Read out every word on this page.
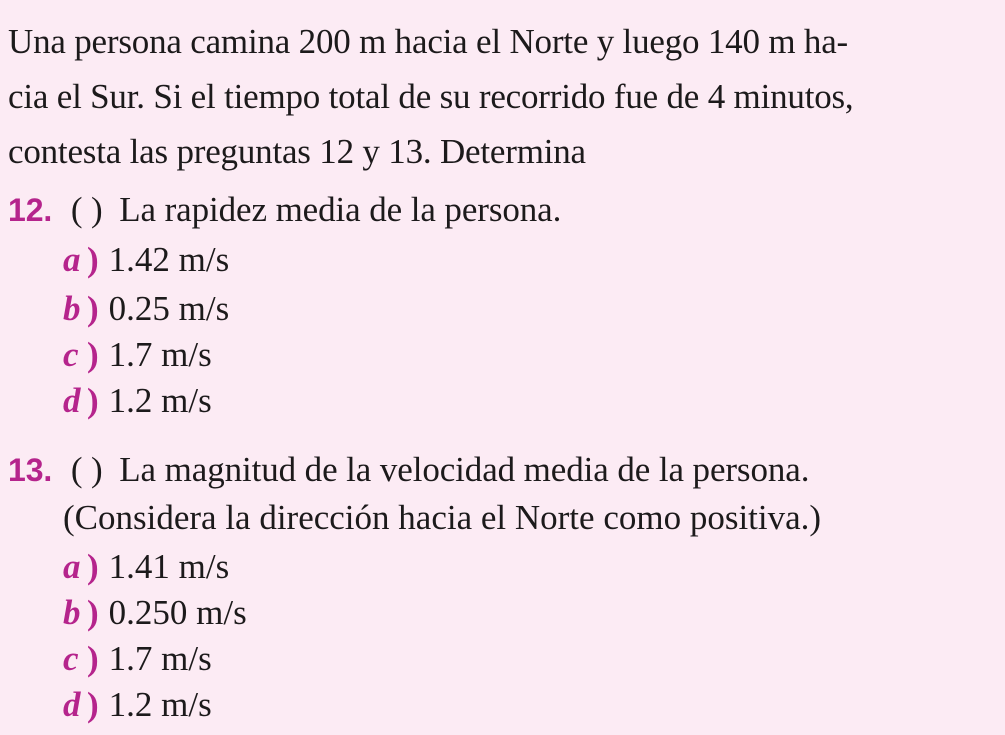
Una persona camina 200 m hacia el Norte y luego 140 m ha-
cia el Sur. Si el tiempo total de su recorrido fue de 4 minutos,
contesta las preguntas 12 y 13. Determina
12. ( ) La rapidez media de la persona.
a ) 1.42 m/s
b ) 0.25 m/s
c ) 1.7 m/s
d ) 1.2 m/s
13. ( ) La magnitud de la velocidad media de la persona.
(Considera la dirección hacia el Norte como positiva.)
a ) 1.41 m/s
b ) 0.250 m/s
c ) 1.7 m/s
d ) 1.2 m/s
